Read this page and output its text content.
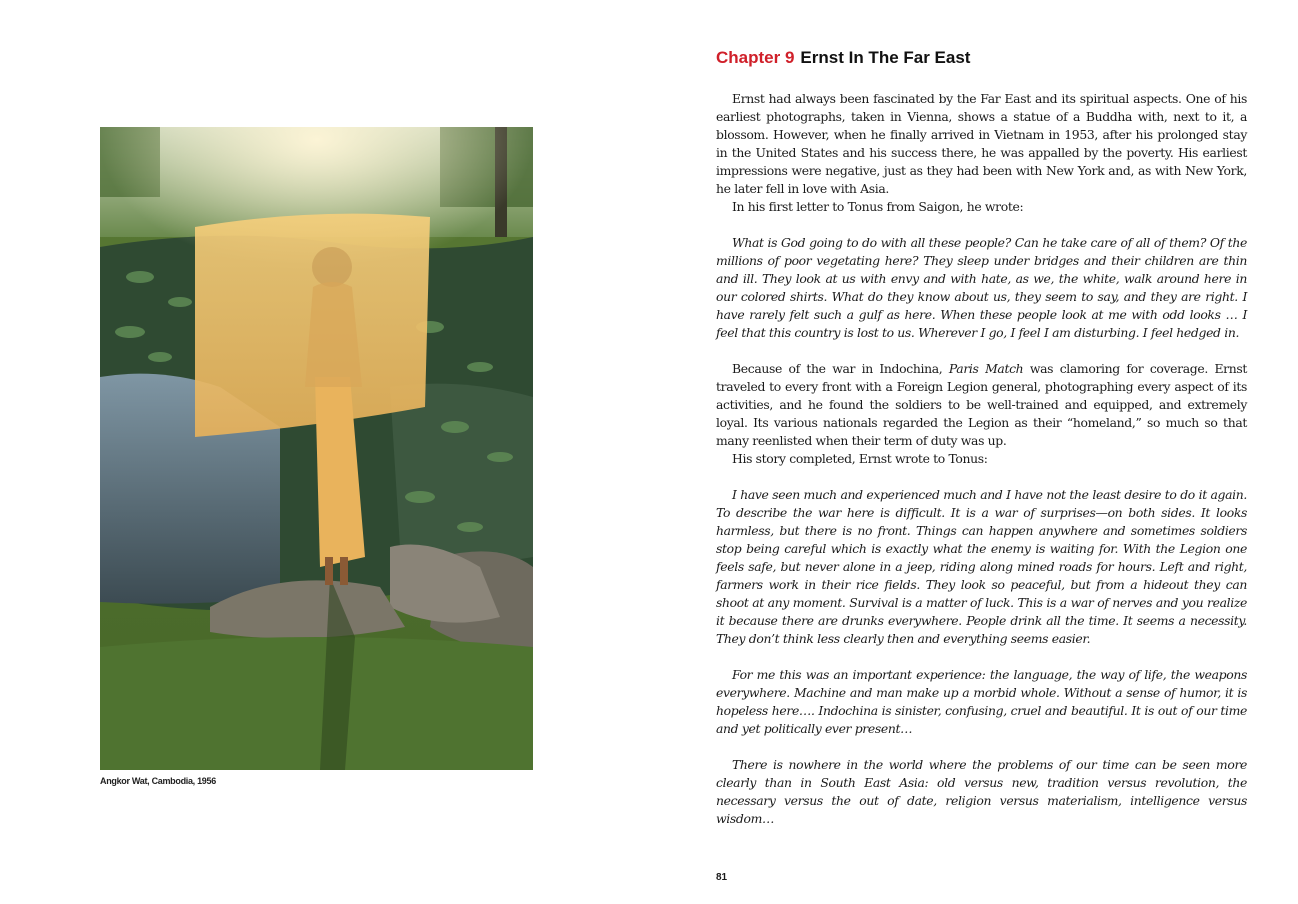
Angkor Wat, Cambodia, 1956
Chapter 9 Ernst In The Far East

Ernst had always been fascinated by the Far East and its spiritual aspects. One of his earliest photographs, taken in Vienna, shows a statue of a Buddha with, next to it, a blossom. However, when he finally arrived in Vietnam in 1953, after his prolonged stay in the United States and his success there, he was appalled by the poverty. His earliest impressions were negative, just as they had been with New York and, as with New York, he later fell in love with Asia.

In his first letter to Tonus from Saigon, he wrote:

What is God going to do with all these people? Can he take care of all of them? Of the millions of poor vegetating here? They sleep under bridges and their children are thin and ill. They look at us with envy and with hate, as we, the white, walk around here in our colored shirts. What do they know about us, they seem to say, and they are right. I have rarely felt such a gulf as here. When these people look at me with odd looks … I feel that this country is lost to us. Wherever I go, I feel I am disturbing. I feel hedged in.

Because of the war in Indochina, Paris Match was clamoring for coverage. Ernst traveled to every front with a Foreign Legion general, photographing every aspect of its activities, and he found the soldiers to be well-trained and equipped, and extremely loyal. Its various nationals regarded the Legion as their “homeland,” so much so that many reenlisted when their term of duty was up.

His story completed, Ernst wrote to Tonus:

I have seen much and experienced much and I have not the least desire to do it again. To describe the war here is difficult. It is a war of surprises—on both sides. It looks harmless, but there is no front. Things can happen anywhere and sometimes soldiers stop being careful which is exactly what the enemy is waiting for. With the Legion one feels safe, but never alone in a jeep, riding along mined roads for hours. Left and right, farmers work in their rice fields. They look so peaceful, but from a hideout they can shoot at any moment. Survival is a matter of luck. This is a war of nerves and you realize it because there are drunks everywhere. People drink all the time. It seems a necessity. They don’t think less clearly then and everything seems easier.

For me this was an important experience: the language, the way of life, the weapons everywhere. Machine and man make up a morbid whole. Without a sense of humor, it is hopeless here…. Indochina is sinister, confusing, cruel and beautiful. It is out of our time and yet politically ever present…

There is nowhere in the world where the problems of our time can be seen more clearly than in South East Asia: old versus new, tradition versus revolution, the necessary versus the out of date, religion versus materialism, intelligence versus wisdom…

81
